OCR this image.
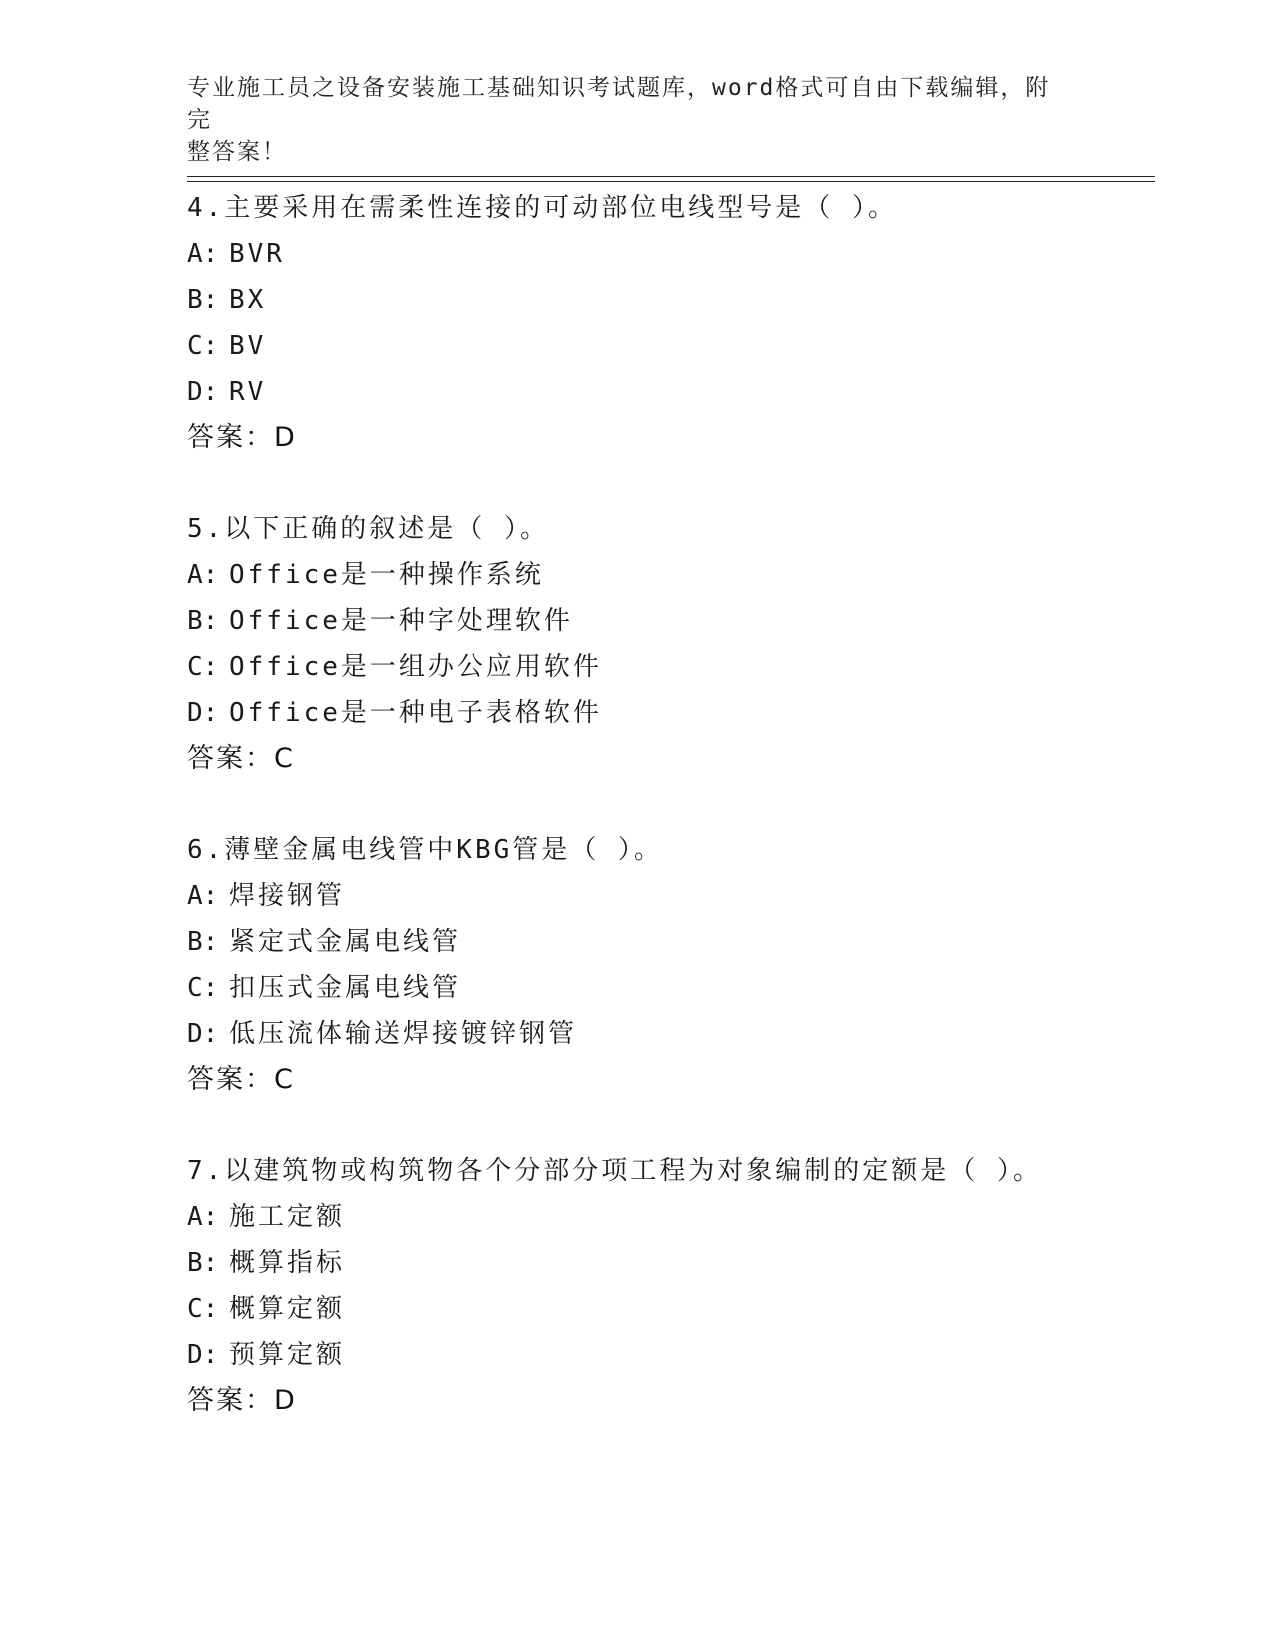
专业施工员之设备安装施工基础知识考试题库，word格式可自由下载编辑，附完
整答案！
4.主要采用在需柔性连接的可动部位电线型号是（ ）。
A: BVR
B: BX
C: BV
D: RV
答案：D
5.以下正确的叙述是（ ）。
A: Office是一种操作系统
B: Office是一种字处理软件
C: Office是一组办公应用软件
D: Office是一种电子表格软件
答案：C
6.薄壁金属电线管中KBG管是（ ）。
A: 焊接钢管
B: 紧定式金属电线管
C: 扣压式金属电线管
D: 低压流体输送焊接镀锌钢管
答案：C
7.以建筑物或构筑物各个分部分项工程为对象编制的定额是（ ）。
A: 施工定额
B: 概算指标
C: 概算定额
D: 预算定额
答案：D
